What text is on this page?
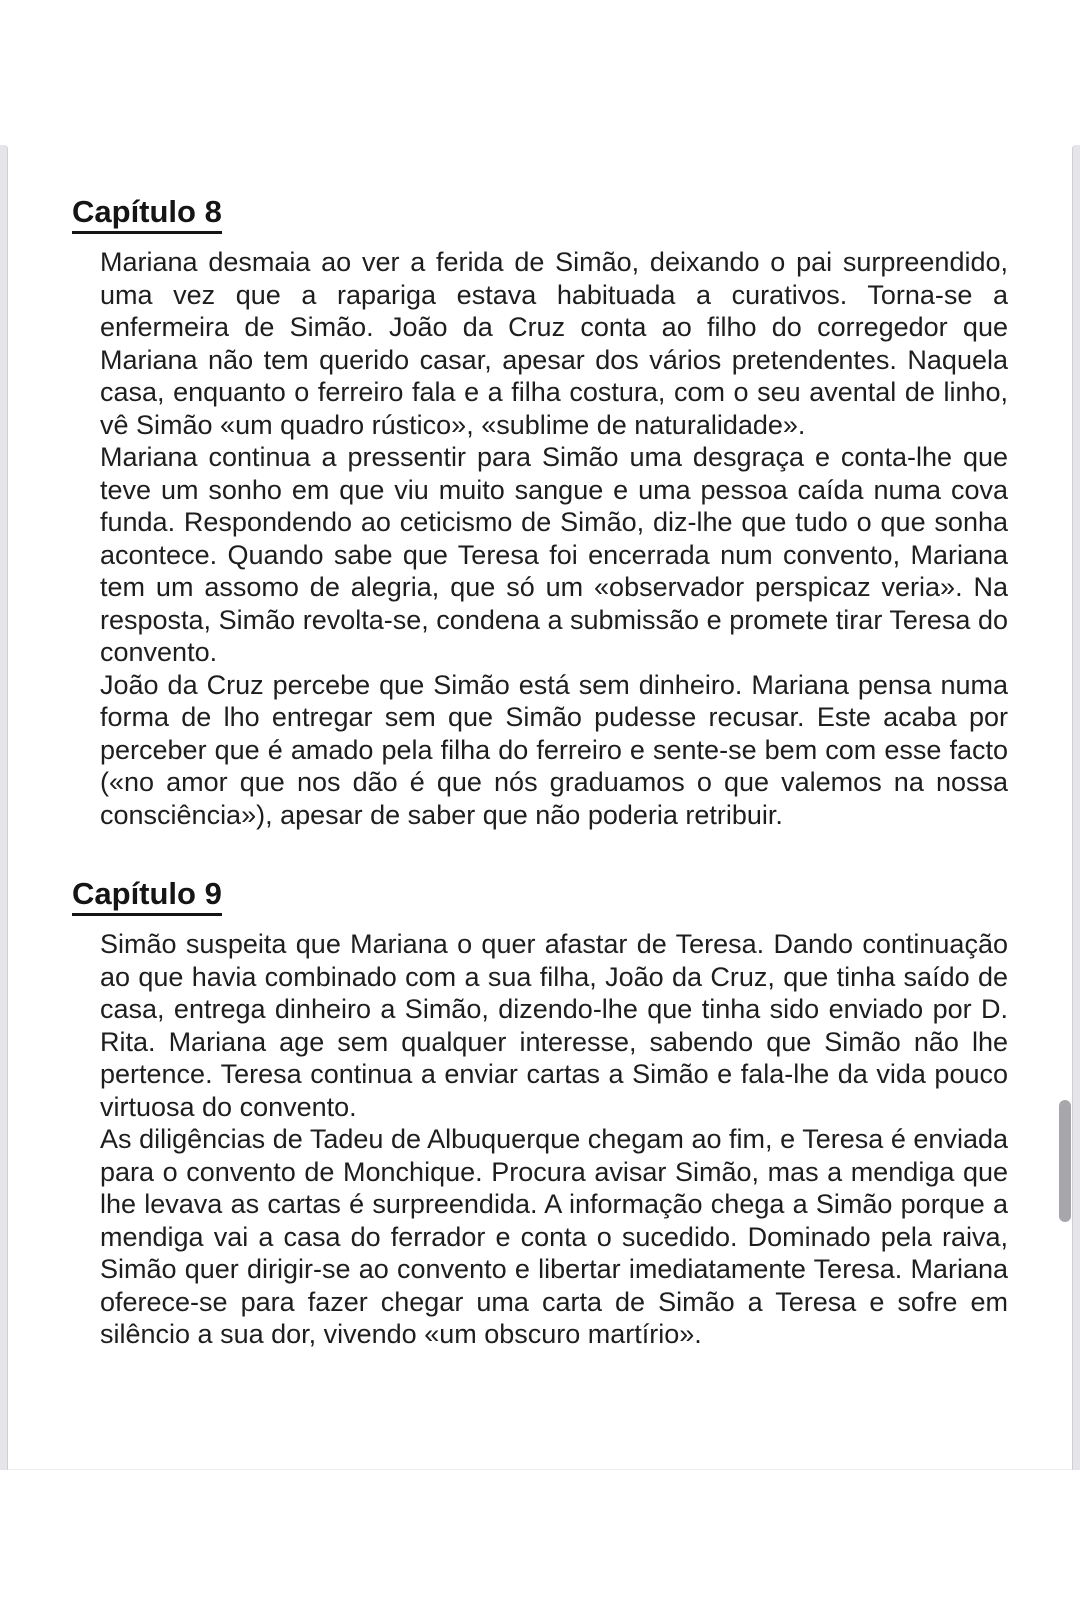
Capítulo 8

Mariana desmaia ao ver a ferida de Simão, deixando o pai surpreendido, uma vez que a rapariga estava habituada a curativos. Torna-se a enfermeira de Simão. João da Cruz conta ao filho do corregedor que Mariana não tem querido casar, apesar dos vários pretendentes. Naquela casa, enquanto o ferreiro fala e a filha costura, com o seu avental de linho, vê Simão «um quadro rústico», «sublime de naturalidade».

Mariana continua a pressentir para Simão uma desgraça e conta-lhe que teve um sonho em que viu muito sangue e uma pessoa caída numa cova funda. Respondendo ao ceticismo de Simão, diz-lhe que tudo o que sonha acontece. Quando sabe que Teresa foi encerrada num convento, Mariana tem um assomo de alegria, que só um «observador perspicaz veria». Na resposta, Simão revolta-se, condena a submissão e promete tirar Teresa do convento.

João da Cruz percebe que Simão está sem dinheiro. Mariana pensa numa forma de lho entregar sem que Simão pudesse recusar. Este acaba por perceber que é amado pela filha do ferreiro e sente-se bem com esse facto («no amor que nos dão é que nós graduamos o que valemos na nossa consciência»), apesar de saber que não poderia retribuir.

Capítulo 9

Simão suspeita que Mariana o quer afastar de Teresa. Dando continuação ao que havia combinado com a sua filha, João da Cruz, que tinha saído de casa, entrega dinheiro a Simão, dizendo-lhe que tinha sido enviado por D. Rita. Mariana age sem qualquer interesse, sabendo que Simão não lhe pertence. Teresa continua a enviar cartas a Simão e fala-lhe da vida pouco virtuosa do convento.

As diligências de Tadeu de Albuquerque chegam ao fim, e Teresa é enviada para o convento de Monchique. Procura avisar Simão, mas a mendiga que lhe levava as cartas é surpreendida. A informação chega a Simão porque a mendiga vai a casa do ferrador e conta o sucedido. Dominado pela raiva, Simão quer dirigir-se ao convento e libertar imediatamente Teresa. Mariana oferece-se para fazer chegar uma carta de Simão a Teresa e sofre em silêncio a sua dor, vivendo «um obscuro martírio».
